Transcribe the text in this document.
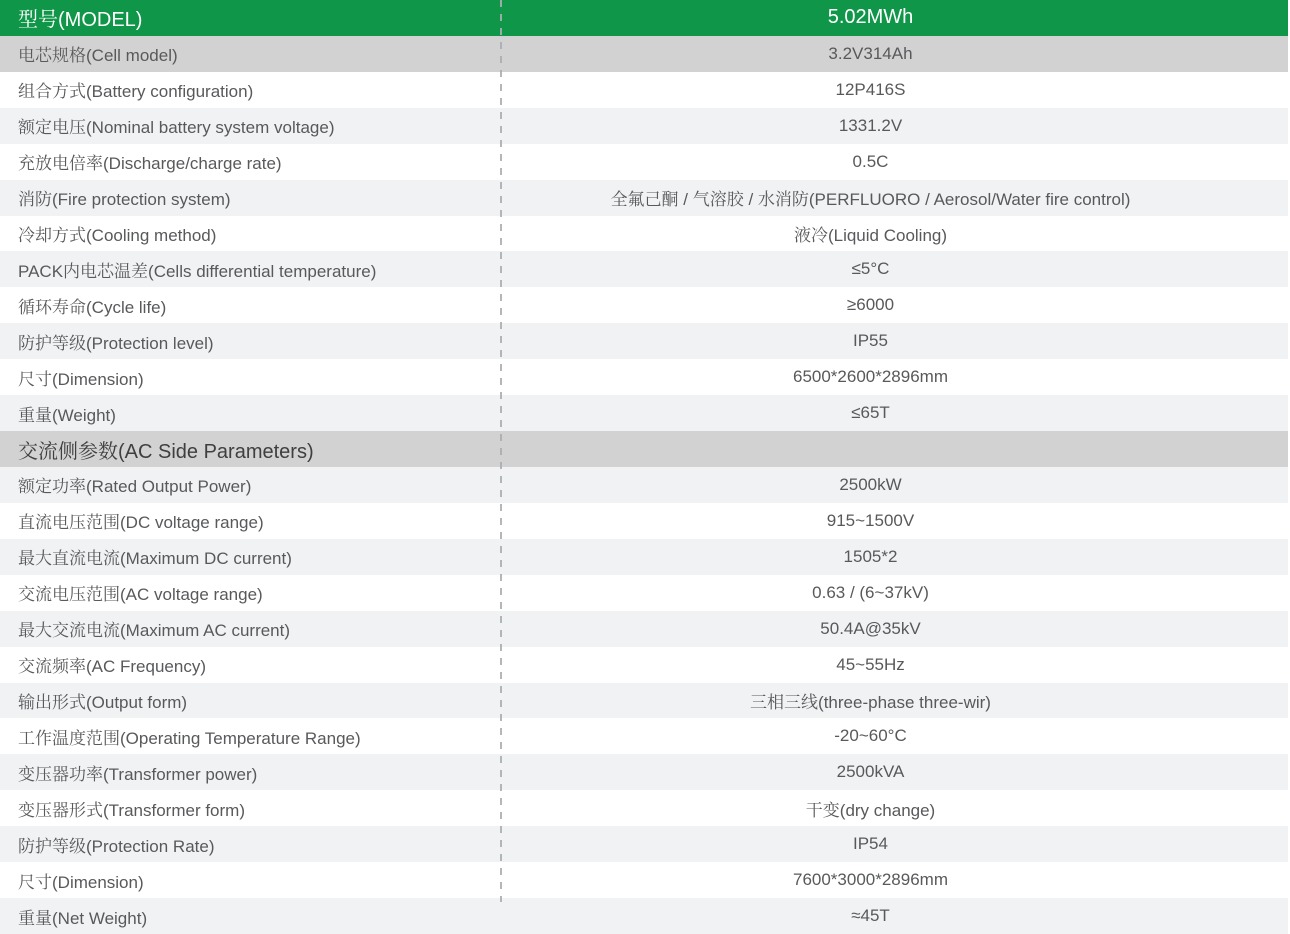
型号(MODEL)	5.02MWh
电芯规格(Cell model)	3.2V314Ah
组合方式(Battery configuration)	12P416S
额定电压(Nominal battery system voltage)	1331.2V
充放电倍率(Discharge/charge rate)	0.5C
消防(Fire protection system)	全氟己酮 / 气溶胶 / 水消防(PERFLUORO / Aerosol/Water fire control)
冷却方式(Cooling method)	液冷(Liquid Cooling)
PACK内电芯温差(Cells differential temperature)	≤5°C
循环寿命(Cycle life)	≥6000
防护等级(Protection level)	IP55
尺寸(Dimension)	6500*2600*2896mm
重量(Weight)	≤65T
交流侧参数(AC Side Parameters)
额定功率(Rated Output Power)	2500kW
直流电压范围(DC voltage range)	915~1500V
最大直流电流(Maximum DC current)	1505*2
交流电压范围(AC voltage range)	0.63 / (6~37kV)
最大交流电流(Maximum AC current)	50.4A@35kV
交流频率(AC Frequency)	45~55Hz
输出形式(Output form)	三相三线(three-phase three-wir)
工作温度范围(Operating Temperature Range)	-20~60°C
变压器功率(Transformer power)	2500kVA
变压器形式(Transformer form)	干变(dry change)
防护等级(Protection Rate)	IP54
尺寸(Dimension)	7600*3000*2896mm
重量(Net Weight)	≈45T
